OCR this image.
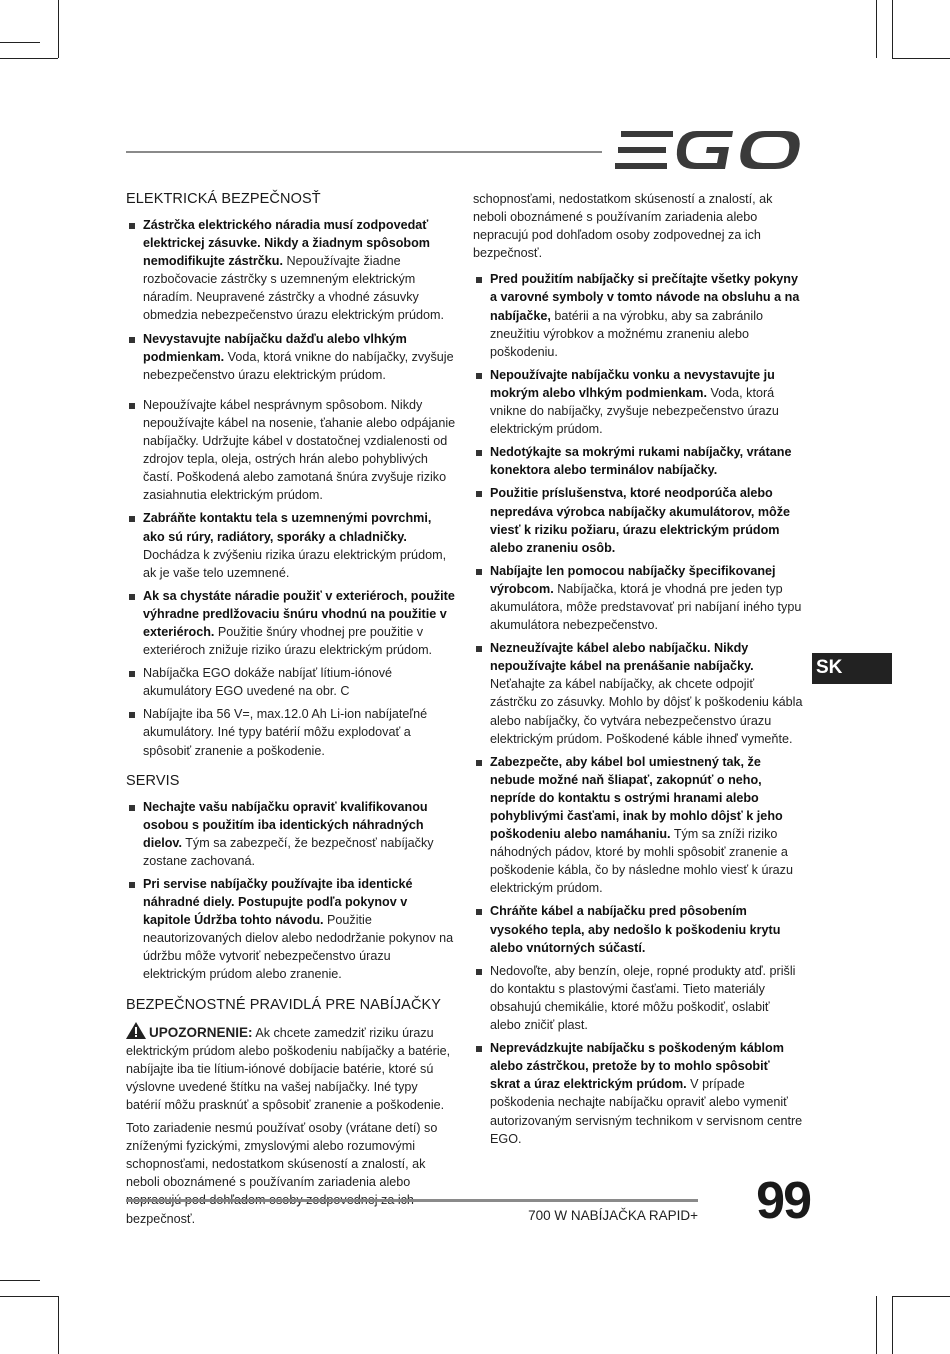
ELEKTRICKÁ BEZPEČNOSŤ
Zástrčka elektrického náradia musí zodpovedať elektrickej zásuvke. Nikdy a žiadnym spôsobom nemodifikujte zástrčku. Nepoužívajte žiadne rozbočovacie zástrčky s uzemneným elektrickým náradím. Neupravené zástrčky a vhodné zásuvky obmedzia nebezpečenstvo úrazu elektrickým prúdom.
Nevystavujte nabíjačku dažďu alebo vlhkým podmienkam. Voda, ktorá vnikne do nabíjačky, zvyšuje nebezpečenstvo úrazu elektrickým prúdom.
Nepoužívajte kábel nesprávnym spôsobom. Nikdy nepoužívajte kábel na nosenie, ťahanie alebo odpájanie nabíjačky. Udržujte kábel v dostatočnej vzdialenosti od zdrojov tepla, oleja, ostrých hrán alebo pohyblivých častí. Poškodená alebo zamotaná šnúra zvyšuje riziko zasiahnutia elektrickým prúdom.
Zabráňte kontaktu tela s uzemnenými povrchmi, ako sú rúry, radiátory, sporáky a chladničky. Dochádza k zvýšeniu rizika úrazu elektrickým prúdom, ak je vaše telo uzemnené.
Ak sa chystáte náradie použiť v exteriéroch, použite výhradne predlžovaciu šnúru vhodnú na použitie v exteriéroch. Použitie šnúry vhodnej pre použitie v exteriéroch znižuje riziko úrazu elektrickým prúdom.
Nabíjačka EGO dokáže nabíjať lítium-iónové akumulátory EGO uvedené na obr. C
Nabíjajte iba 56 V=, max.12.0 Ah Li-ion nabíjateľné akumulátory. Iné typy batérií môžu explodovať a spôsobiť zranenie a poškodenie.
SERVIS
Nechajte vašu nabíjačku opraviť kvalifikovanou osobou s použitím iba identických náhradných dielov. Tým sa zabezpečí, že bezpečnosť nabíjačky zostane zachovaná.
Pri servise nabíjačky používajte iba identické náhradné diely. Postupujte podľa pokynov v kapitole Údržba tohto návodu. Použitie neautorizovaných dielov alebo nedodržanie pokynov na údržbu môže vytvoriť nebezpečenstvo úrazu elektrickým prúdom alebo zranenie.
BEZPEČNOSTNÉ PRAVIDLÁ PRE NABÍJAČKY

UPOZORNENIE: Ak chcete zamedziť riziku úrazu elektrickým prúdom alebo poškodeniu nabíjačky a batérie, nabíjajte iba tie lítium-iónové dobíjacie batérie, ktoré sú výslovne uvedené štítku na vašej nabíjačky. Iné typy batérií môžu prasknúť a spôsobiť zranenie a poškodenie.

Toto zariadenie nesmú používať osoby (vrátane detí) so zníženými fyzickými, zmyslovými alebo rozumovými schopnosťami, nedostatkom skúseností a znalostí, ak neboli oboznámené s používaním zariadenia alebo bezpečnosť.

schopnosťami, nedostatkom skúseností a znalostí, ak neboli oboznámené s používaním zariadenia alebo nepracujú pod dohľadom osoby zodpovednej za ich bezpečnosť.

Pred použitím nabíjačky si prečítajte všetky pokyny a varovné symboly v tomto návode na obsluhu a na nabíjačke, batérii a na výrobku, aby sa zabránilo zneužitiu výrobkov a možnému zraneniu alebo poškodeniu.
Nepoužívajte nabíjačku vonku a nevystavujte ju mokrým alebo vlhkým podmienkam. Voda, ktorá vnikne do nabíjačky, zvyšuje nebezpečenstvo úrazu elektrickým prúdom.
Nedotýkajte sa mokrými rukami nabíjačky, vrátane konektora alebo terminálov nabíjačky.
Použitie príslušenstva, ktoré neodporúča alebo nepredáva výrobca nabíjačky akumulátorov, môže viesť k riziku požiaru, úrazu elektrickým prúdom alebo zraneniu osôb.
Nabíjajte len pomocou nabíjačky špecifikovanej výrobcom. Nabíjačka, ktorá je vhodná pre jeden typ akumulátora, môže predstavovať pri nabíjaní iného typu akumulátora nebezpečenstvo.
Nezneužívajte kábel alebo nabíjačku. Nikdy nepoužívajte kábel na prenášanie nabíjačky. Neťahajte za kábel nabíjačky, ak chcete odpojiť zástrčku zo zásuvky. Mohlo by dôjsť k poškodeniu kábla alebo nabíjačky, čo vytvára nebezpečenstvo úrazu elektrickým prúdom. Poškodené káble ihneď vymeňte.
Zabezpečte, aby kábel bol umiestnený tak, že nebude možné naň šliapať, zakopnúť o neho, nepríde do kontaktu s ostrými hranami alebo pohyblivými časťami, inak by mohlo dôjsť k jeho poškodeniu alebo namáhaniu. Tým sa zníži riziko náhodných pádov, ktoré by mohli spôsobiť zranenie a poškodenie kábla, čo by následne mohlo viesť k úrazu elektrickým prúdom.
Chráňte kábel a nabíjačku pred pôsobením vysokého tepla, aby nedošlo k poškodeniu krytu alebo vnútorných súčastí.
Nedovoľte, aby benzín, oleje, ropné produkty atď. prišli do kontaktu s plastovými časťami. Tieto materiály obsahujú chemikálie, ktoré môžu poškodiť, oslabiť alebo zničiť plast.
Neprevádzkujte nabíjačku s poškodeným káblom alebo zástrčkou, pretože by to mohlo spôsobiť skrat a úraz elektrickým prúdom. V prípade poškodenia nechajte nabíjačku opraviť alebo vymeniť autorizovaným servisným technikom v servisnom centre EGO.
SK
700 W NABÍJAČKA RAPID+ 99
